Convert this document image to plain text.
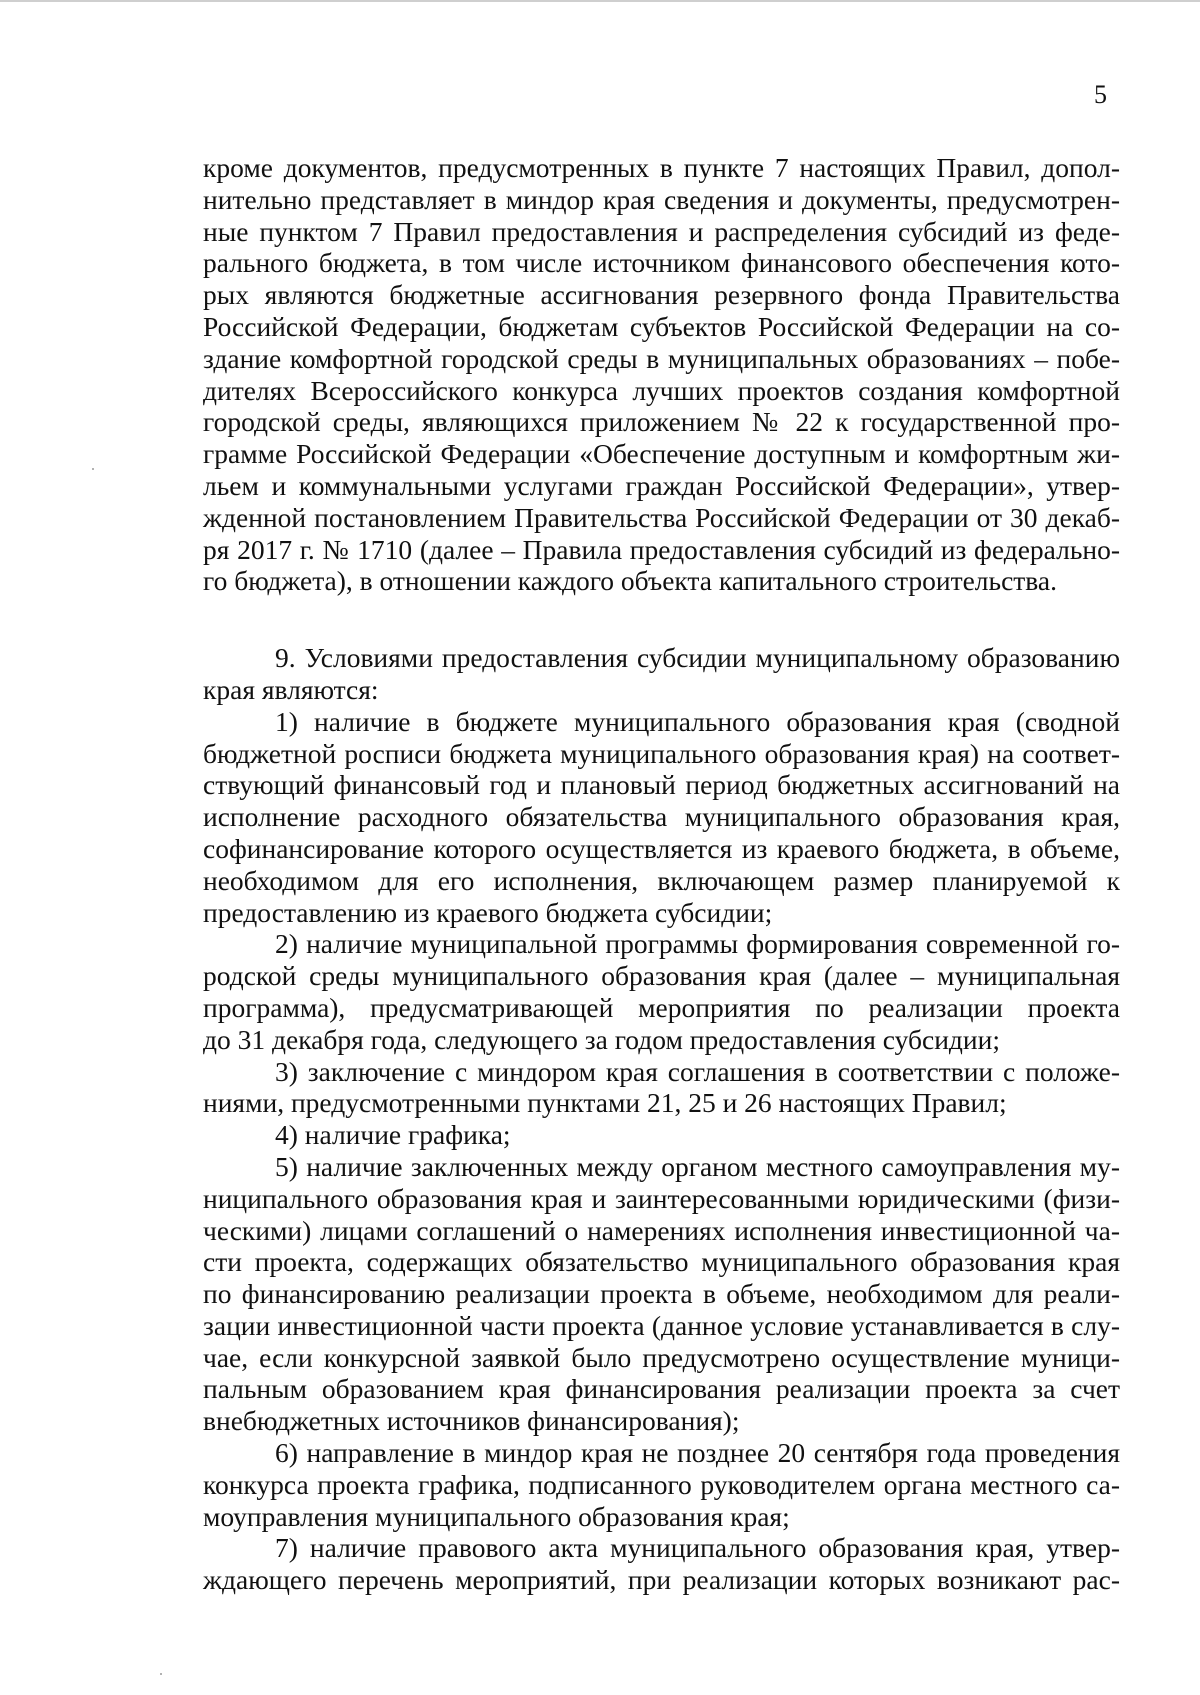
5
кроме документов, предусмотренных в пункте 7 настоящих Правил, допол-
нительно представляет в миндор края сведения и документы, предусмотрен-
ные пунктом 7 Правил предоставления и распределения субсидий из феде-
рального бюджета, в том числе источником финансового обеспечения кото-
рых являются бюджетные ассигнования резервного фонда Правительства
Российской Федерации, бюджетам субъектов Российской Федерации на со-
здание комфортной городской среды в муниципальных образованиях – побе-
дителях Всероссийского конкурса лучших проектов создания комфортной
городской среды, являющихся приложением № 22 к государственной про-
грамме Российской Федерации «Обеспечение доступным и комфортным жи-
льем и коммунальными услугами граждан Российской Федерации», утвер-
жденной постановлением Правительства Российской Федерации от 30 декаб-
ря 2017 г. № 1710 (далее – Правила предоставления субсидий из федерально-
го бюджета), в отношении каждого объекта капитального строительства.
9. Условиями предоставления субсидии муниципальному образованию
края являются:
1) наличие в бюджете муниципального образования края (сводной
бюджетной росписи бюджета муниципального образования края) на соответ-
ствующий финансовый год и плановый период бюджетных ассигнований на
исполнение расходного обязательства муниципального образования края,
софинансирование которого осуществляется из краевого бюджета, в объеме,
необходимом для его исполнения, включающем размер планируемой к
предоставлению из краевого бюджета субсидии;
2) наличие муниципальной программы формирования современной го-
родской среды муниципального образования края (далее – муниципальная
программа), предусматривающей мероприятия по реализации проекта
до 31 декабря года, следующего за годом предоставления субсидии;
3) заключение с миндором края соглашения в соответствии с положе-
ниями, предусмотренными пунктами 21, 25 и 26 настоящих Правил;
4) наличие графика;
5) наличие заключенных между органом местного самоуправления му-
ниципального образования края и заинтересованными юридическими (физи-
ческими) лицами соглашений о намерениях исполнения инвестиционной ча-
сти проекта, содержащих обязательство муниципального образования края
по финансированию реализации проекта в объеме, необходимом для реали-
зации инвестиционной части проекта (данное условие устанавливается в слу-
чае, если конкурсной заявкой было предусмотрено осуществление муници-
пальным образованием края финансирования реализации проекта за счет
внебюджетных источников финансирования);
6) направление в миндор края не позднее 20 сентября года проведения
конкурса проекта графика, подписанного руководителем органа местного са-
моуправления муниципального образования края;
7) наличие правового акта муниципального образования края, утвер-
ждающего перечень мероприятий, при реализации которых возникают рас-
